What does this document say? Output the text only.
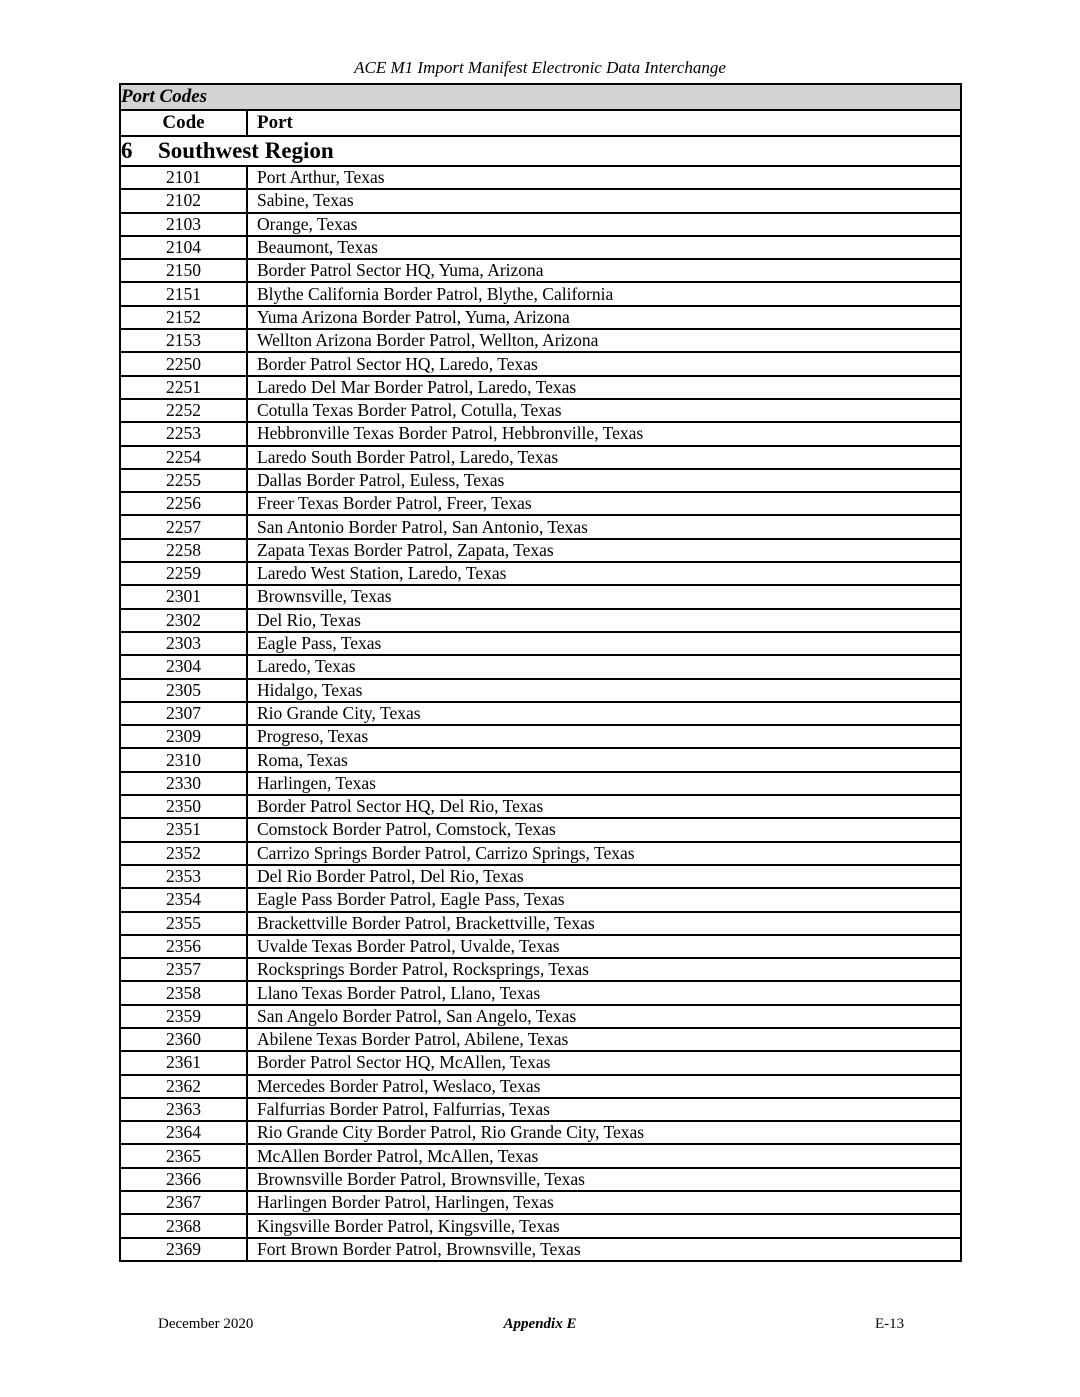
ACE M1 Import Manifest Electronic Data Interchange
Port Codes	
Code	Port
6 Southwest Region	
2101	Port Arthur, Texas
2102	Sabine, Texas
2103	Orange, Texas
2104	Beaumont, Texas
2150	Border Patrol Sector HQ, Yuma, Arizona
2151	Blythe California Border Patrol, Blythe, California
2152	Yuma Arizona Border Patrol, Yuma, Arizona
2153	Wellton Arizona Border Patrol, Wellton, Arizona
2250	Border Patrol Sector HQ, Laredo, Texas
2251	Laredo Del Mar Border Patrol, Laredo, Texas
2252	Cotulla Texas Border Patrol, Cotulla, Texas
2253	Hebbronville Texas Border Patrol, Hebbronville, Texas
2254	Laredo South Border Patrol, Laredo, Texas
2255	Dallas Border Patrol, Euless, Texas
2256	Freer Texas Border Patrol, Freer, Texas
2257	San Antonio Border Patrol, San Antonio, Texas
2258	Zapata Texas Border Patrol, Zapata, Texas
2259	Laredo West Station, Laredo, Texas
2301	Brownsville, Texas
2302	Del Rio, Texas
2303	Eagle Pass, Texas
2304	Laredo, Texas
2305	Hidalgo, Texas
2307	Rio Grande City, Texas
2309	Progreso, Texas
2310	Roma, Texas
2330	Harlingen, Texas
2350	Border Patrol Sector HQ, Del Rio, Texas
2351	Comstock Border Patrol, Comstock, Texas
2352	Carrizo Springs Border Patrol, Carrizo Springs, Texas
2353	Del Rio Border Patrol, Del Rio, Texas
2354	Eagle Pass Border Patrol, Eagle Pass, Texas
2355	Brackettville Border Patrol, Brackettville, Texas
2356	Uvalde Texas Border Patrol, Uvalde, Texas
2357	Rocksprings Border Patrol, Rocksprings, Texas
2358	Llano Texas Border Patrol, Llano, Texas
2359	San Angelo Border Patrol, San Angelo, Texas
2360	Abilene Texas Border Patrol, Abilene, Texas
2361	Border Patrol Sector HQ, McAllen, Texas
2362	Mercedes Border Patrol, Weslaco, Texas
2363	Falfurrias Border Patrol, Falfurrias, Texas
2364	Rio Grande City Border Patrol, Rio Grande City, Texas
2365	McAllen Border Patrol, McAllen, Texas
2366	Brownsville Border Patrol, Brownsville, Texas
2367	Harlingen Border Patrol, Harlingen, Texas
2368	Kingsville Border Patrol, Kingsville, Texas
2369	Fort Brown Border Patrol, Brownsville, Texas
December 2020	Appendix E	E-13
